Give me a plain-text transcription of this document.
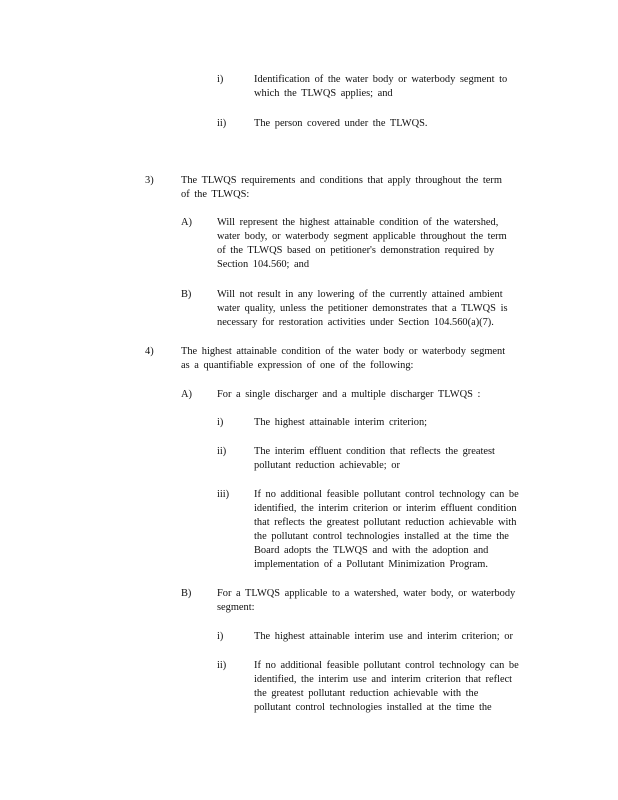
i)	Identification of the water body or waterbody segment to
which the TLWQS applies; and
ii)	The person covered under the TLWQS.
3)	The TLWQS requirements and conditions that apply throughout the term
of the TLWQS:
A) Will represent the highest attainable condition of the watershed,
water body, or waterbody segment applicable throughout the term
of the TLWQS based on petitioner's demonstration required by
Section 104.560; and
B) Will not result in any lowering of the currently attained ambient
water quality, unless the petitioner demonstrates that a TLWQS is
necessary for restoration activities under Section 104.560(a)(7).
4)	The highest attainable condition of the water body or waterbody segment
as a quantifiable expression of one of the following:
A) For a single discharger and a multiple discharger TLWQS :
i)	The highest attainable interim criterion;
ii)	The interim effluent condition that reflects the greatest
pollutant reduction achievable; or
iii) If no additional feasible pollutant control technology can be
identified, the interim criterion or interim effluent condition
that reflects the greatest pollutant reduction achievable with
the pollutant control technologies installed at the time the
Board adopts the TLWQS and with the adoption and
implementation of a Pollutant Minimization Program.
B) For a TLWQS applicable to a watershed, water body, or waterbody
segment:
i)	The highest attainable interim use and interim criterion; or
ii)	If no additional feasible pollutant control technology can be
identified, the interim use and interim criterion that reflect
the greatest pollutant reduction achievable with the
pollutant control technologies installed at the time the
